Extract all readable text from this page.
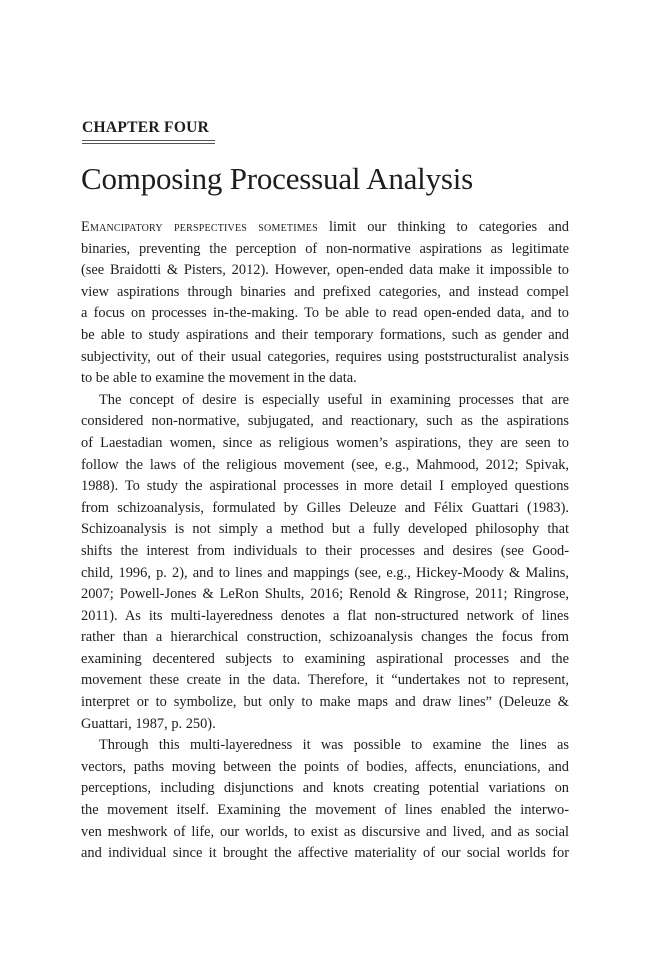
CHAPTER FOUR
Composing Processual Analysis
Emancipatory perspectives sometimes limit our thinking to categories and
binaries, preventing the perception of non-normative aspirations as legitimate
(see Braidotti & Pisters, 2012). However, open-ended data make it impossible to
view aspirations through binaries and prefixed categories, and instead compel
a focus on processes in-the-making. To be able to read open-ended data, and to
be able to study aspirations and their temporary formations, such as gender and
subjectivity, out of their usual categories, requires using poststructuralist analysis
to be able to examine the movement in the data.
The concept of desire is especially useful in examining processes that are
considered non-normative, subjugated, and reactionary, such as the aspirations
of Laestadian women, since as religious women’s aspirations, they are seen to
follow the laws of the religious movement (see, e.g., Mahmood, 2012; Spivak,
1988). To study the aspirational processes in more detail I employed questions
from schizoanalysis, formulated by Gilles Deleuze and Félix Guattari (1983).
Schizoanalysis is not simply a method but a fully developed philosophy that
shifts the interest from individuals to their processes and desires (see Good-
child, 1996, p. 2), and to lines and mappings (see, e.g., Hickey-Moody & Malins,
2007; Powell-Jones & LeRon Shults, 2016; Renold & Ringrose, 2011; Ringrose,
2011). As its multi-layeredness denotes a flat non-structured network of lines
rather than a hierarchical construction, schizoanalysis changes the focus from
examining decentered subjects to examining aspirational processes and the
movement these create in the data. Therefore, it “undertakes not to represent,
interpret or to symbolize, but only to make maps and draw lines” (Deleuze &
Guattari, 1987, p. 250).
Through this multi-layeredness it was possible to examine the lines as
vectors, paths moving between the points of bodies, affects, enunciations, and
perceptions, including disjunctions and knots creating potential variations on
the movement itself. Examining the movement of lines enabled the interwo-
ven meshwork of life, our worlds, to exist as discursive and lived, and as social
and individual since it brought the affective materiality of our social worlds for
